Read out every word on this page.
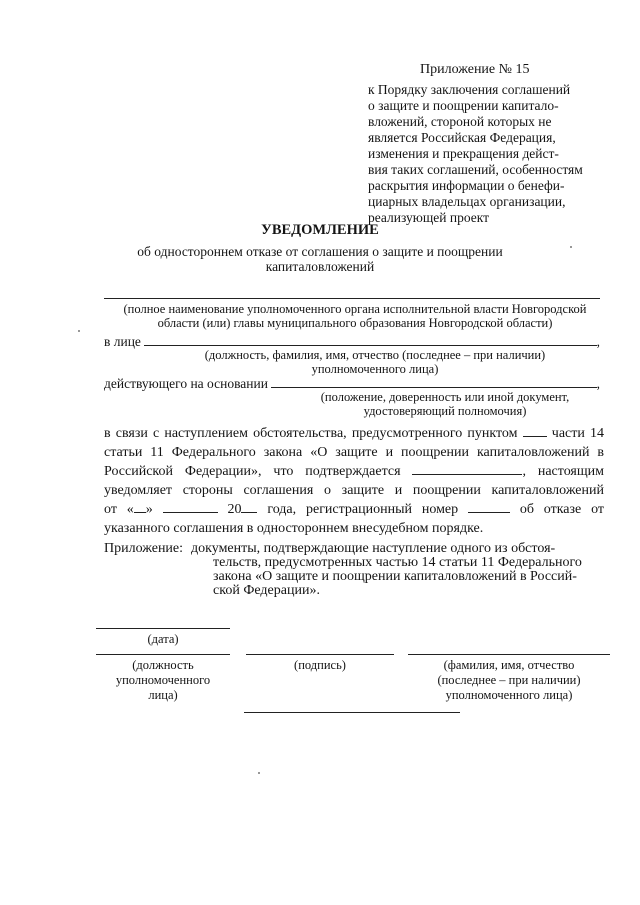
Приложение № 15
к Порядку заключения соглашений
о защите и поощрении капитало-
вложений, стороной которых не
является Российская Федерация,
изменения и прекращения дейст-
вия таких соглашений, особенностям
раскрытия информации о бенефи-
циарных владельцах организации,
реализующей проект
УВЕДОМЛЕНИЕ
об одностороннем отказе от соглашения о защите и поощрении
капиталовложений
(полное наименование уполномоченного органа исполнительной власти Новгородской
области (или) главы муниципального образования Новгородской области)
в лице	,
(должность, фамилия, имя, отчество (последнее – при наличии)
уполномоченного лица)
действующего на основании	,
(положение, доверенность или иной документ,
удостоверяющий полномочия)
в связи с наступлением обстоятельства, предусмотренного пунктом части 14
статьи 11 Федерального закона «О защите и поощрении капиталовложений в
Российской Федерации», что подтверждается	, настоящим
уведомляет стороны соглашения о защите и поощрении капиталовложений
от « »	20 года, регистрационный номер	об отказе от
указанного соглашения в одностороннем внесудебном порядке.
Приложение: документы, подтверждающие наступление одного из обстоя-
тельств, предусмотренных частью 14 статьи 11 Федерального
закона «О защите и поощрении капиталовложений в Россий-
ской Федерации».
(дата)
(должность
уполномоченного
лица)
(подпись)	(фамилия, имя, отчество
(последнее – при наличии)
уполномоченного лица)
